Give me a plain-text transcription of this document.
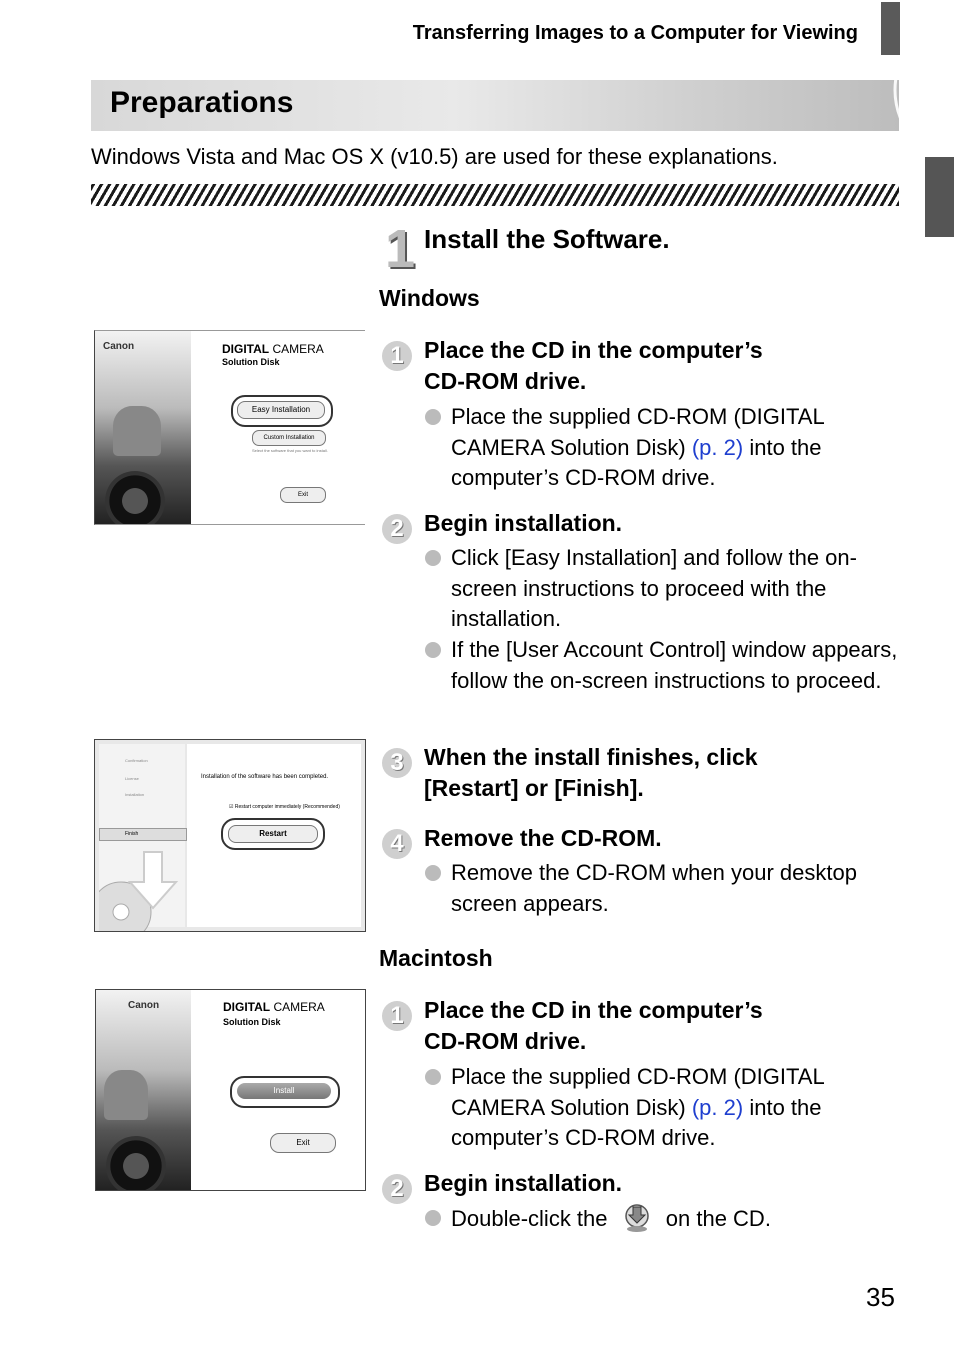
Transferring Images to a Computer for Viewing
Preparations
Windows Vista and Mac OS X (v10.5) are used for these explanations.
1 Install the Software.
Windows
1 Place the CD in the computer’s
CD-ROM drive.
Place the supplied CD-ROM (DIGITAL CAMERA Solution Disk) (p. 2) into the computer’s CD-ROM drive.
2 Begin installation.
Click [Easy Installation] and follow the on-screen instructions to proceed with the installation.
If the [User Account Control] window appears, follow the on-screen instructions to proceed.
3 When the install finishes, click
[Restart] or [Finish].
4 Remove the CD-ROM.
Remove the CD-ROM when your desktop screen appears.
Macintosh
1 Place the CD in the computer’s
CD-ROM drive.
Place the supplied CD-ROM (DIGITAL CAMERA Solution Disk) (p. 2) into the computer’s CD-ROM drive.
2 Begin installation.
Double-click the  on the CD.
Canon	DIGITAL CAMERA
Solution Disk
Easy Installation
Custom Installation
Select the software that you want to install.
Exit
Confirmation
License
Installation
Finish
Installation of the software has been completed.
☑ Restart computer immediately (Recommended)
Restart
Canon	DIGITAL CAMERA
Solution Disk
Install
Exit
35
